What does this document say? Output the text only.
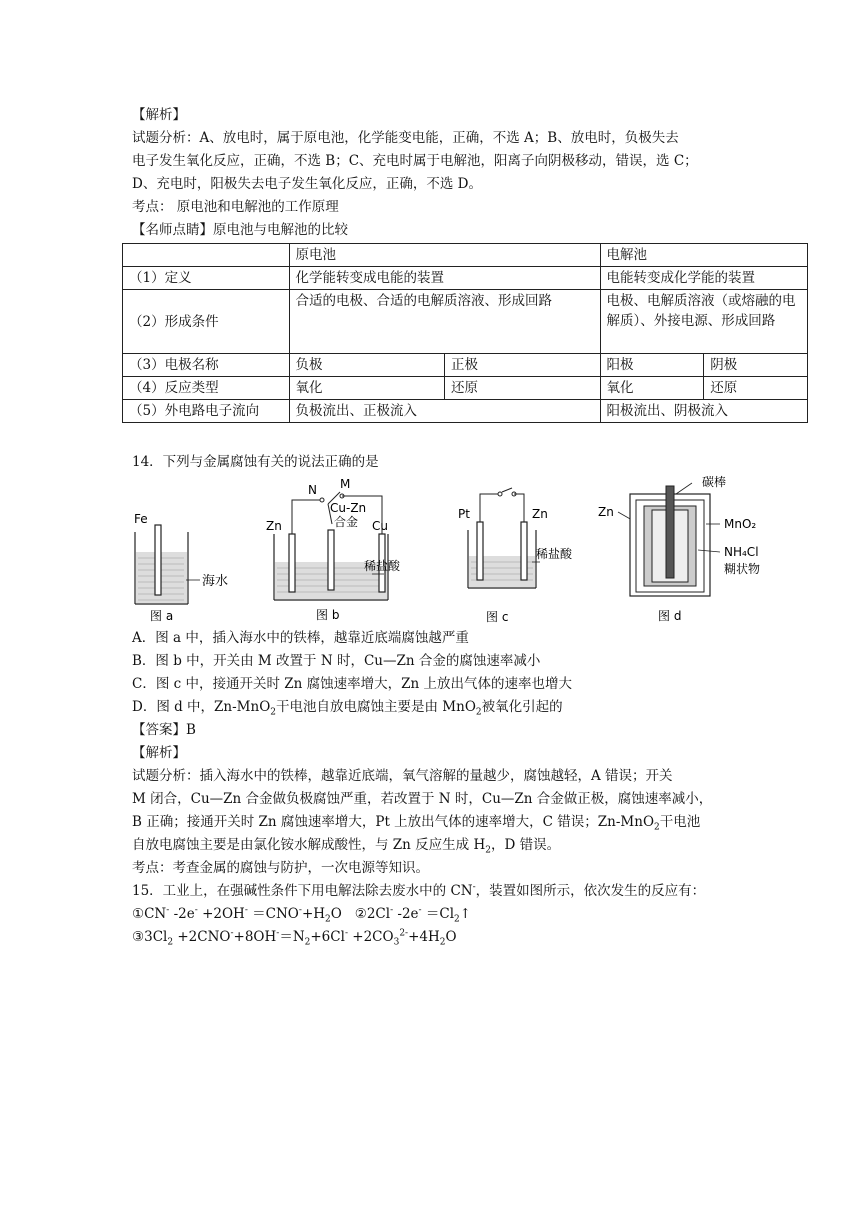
【解析】
试题分析：A、放电时，属于原电池，化学能变电能，正确，不选 A；B、放电时，负极失去
电子发生氧化反应，正确，不选 B；C、充电时属于电解池，阳离子向阴极移动，错误，选 C；
D、充电时，阳极失去电子发生氧化反应，正确，不选 D。
考点： 原电池和电解池的工作原理
【名师点睛】原电池与电解池的比较
	原电池		电解池	
（1）定义	化学能转变成电能的装置		电能转变成化学能的装置	
（2）形成条件	合适的电极、合适的电解质溶液、形成回路		电极、电解质溶液（或熔融的电解质）、外接电源、形成回路	
（3）电极名称	负极	正极	阳极	阴极
（4）反应类型	氧化	还原	氧化	还原
（5）外电路电子流向	负极流出、正极流入		阳极流出、阴极流入	
14．下列与金属腐蚀有关的说法正确的是
Fe
海水
图 a
N M
Cu-Zn
合金
Zn	Cu
稀盐酸
图 b
Pt	Zn
稀盐酸
图 c
碳棒
Zn
MnO₂
NH₄Cl
糊状物
图 d
A．图 a 中，插入海水中的铁棒，越靠近底端腐蚀越严重
B．图 b 中，开关由 M 改置于 N 时，Cu—Zn 合金的腐蚀速率减小
C．图 c 中，接通开关时 Zn 腐蚀速率增大，Zn 上放出气体的速率也增大
D．图 d 中，Zn-MnO$_2$干电池自放电腐蚀主要是由 MnO$_2$被氧化引起的
【答案】B
【解析】
试题分析：插入海水中的铁棒，越靠近底端，氧气溶解的量越少，腐蚀越轻，A 错误；开关
M 闭合，Cu—Zn 合金做负极腐蚀严重，若改置于 N 时，Cu—Zn 合金做正极，腐蚀速率减小，
B 正确；接通开关时 Zn 腐蚀速率增大，Pt 上放出气体的速率增大，C 错误；Zn-MnO$_2$干电池
自放电腐蚀主要是由氯化铵水解成酸性，与 Zn 反应生成 $H_2$，D 错误。
考点：考查金属的腐蚀与防护，一次电源等知识。
15．工业上，在强碱性条件下用电解法除去废水中的 CN-，装置如图所示，依次发生的反应有：
①CN- $-2e^- +2OH^- =CNO^-+H_2O$ ②2Cl- $-2e^- =Cl_2↑$
$③3Cl_2 +2CNO^-+8OH^-=N_2+6Cl^- +2CO_3^{2-}+4H_2O$
